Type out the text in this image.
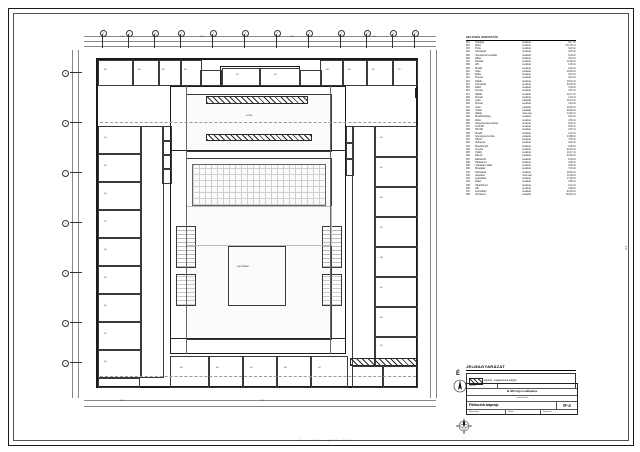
1	2	3	4	5	6	7	8	9	10	11	12
A
B
C
D
E
F
G
DÍSZTEREM
ELŐTÉR
014
015
016
017
018
019
020
021
022
034
035
036
037
038
039
040
041
001	004	005	006
002	003
008	009	010	011
043	044	045	046	047
A
1 200	3 600	3 600	1 200
2 400	7 200
HELYISÉG KIMUTATÁS
001	Szélfogó	kerámia	6,17 m²
002	Előtér	kerámia	271,25 m²
003	Porta	kerámia	9,22 m²
004	Közlekedő	kerámia	4,07 m²
005	Személyzeti szociális	kerámia	5,43 m²
006	Előtér	kerámia	2,24 m²
007	Ruhatár	kerámia	12,02 m²
008	WC	kerámia	1,45 m²
009	Mosdó	kerámia	2,32 m²
010	Iroda	parketta	18,18 m²
011	Előtér	kerámia	3,16 m²
012	Pincelé	kerámia	9,16 m²
013	Raktár	kerámia	16,10 m²
014	Közlekedő	kerámia	40,25 m²
015	Előtér	kerámia	3,34 m²
016	Pincelé	kerámia	3,57 m²
017	Raktár	kerámia	12,17 m²
018	Pincelé	kerámia	1,18 m²
019	Iroda	parketta	16,14 m²
020	Pincelé	kerámia	4,24 m²
021	Iroda	parketta	18,46 m²
022	Szoba	parketta	18,02 m²
023	Raktár	sima vas.	14,81 m²
024	Mosdóhelyiség	kerámia	6,91 m²
025	Előtér	kerámia	4,53 m²
026	Gépészeti berendezés	kerámia	6,02 m²
027	Férfi WC	kerámia	5,60 m²
028	Női WC	kerámia	2,07 m²
029	Mosdó	kerámia	2,72 m²
030	Személyzeti szoba	parketta	14,86 m²
031	Öltöző	kerámia	7,53 m²
032	Zuhanyzó	kerámia	4,19 m²
033	Mosókonyha	kerámia	8,05 m²
034	Konyha	kerámia	22,24 m²
035	Tálaló	kerámia	10,17 m²
036	Étkező	parketta	32,18 m²
037	Előkészítő	kerámia	8,33 m²
038	Hűtőkamra	kerámia	4,05 m²
039	Szárazáru raktár	kerámia	6,46 m²
040	Mosogató	kerámia	7,19 m²
041	Közlekedő	kerámia	18,22 m²
042	Gépészet	sima vas.	11,06 m²
043	Lépcsőház	kerámia	17,26 m²
044	Előtér	kerámia	3,05 m²
045	Takarítószer	kerámia	2,14 m²
046	WC	kerámia	1,96 m²
047	Lépcsőház	kerámia	22,32 m²
048	Díszterem	parketta	740,42 m²
JELMAGYARÁZAT
köptető - magasrészek felgyűlt
Tervező:
B-466 régi nordikpálca
rekonstrukció
Földszinti alaprajz	IF-4
Méretarány:	Dátum:	Rajzszám:
É
A-1
A tervdokumentáció kizárólag a megjelölt célra használható fel.
